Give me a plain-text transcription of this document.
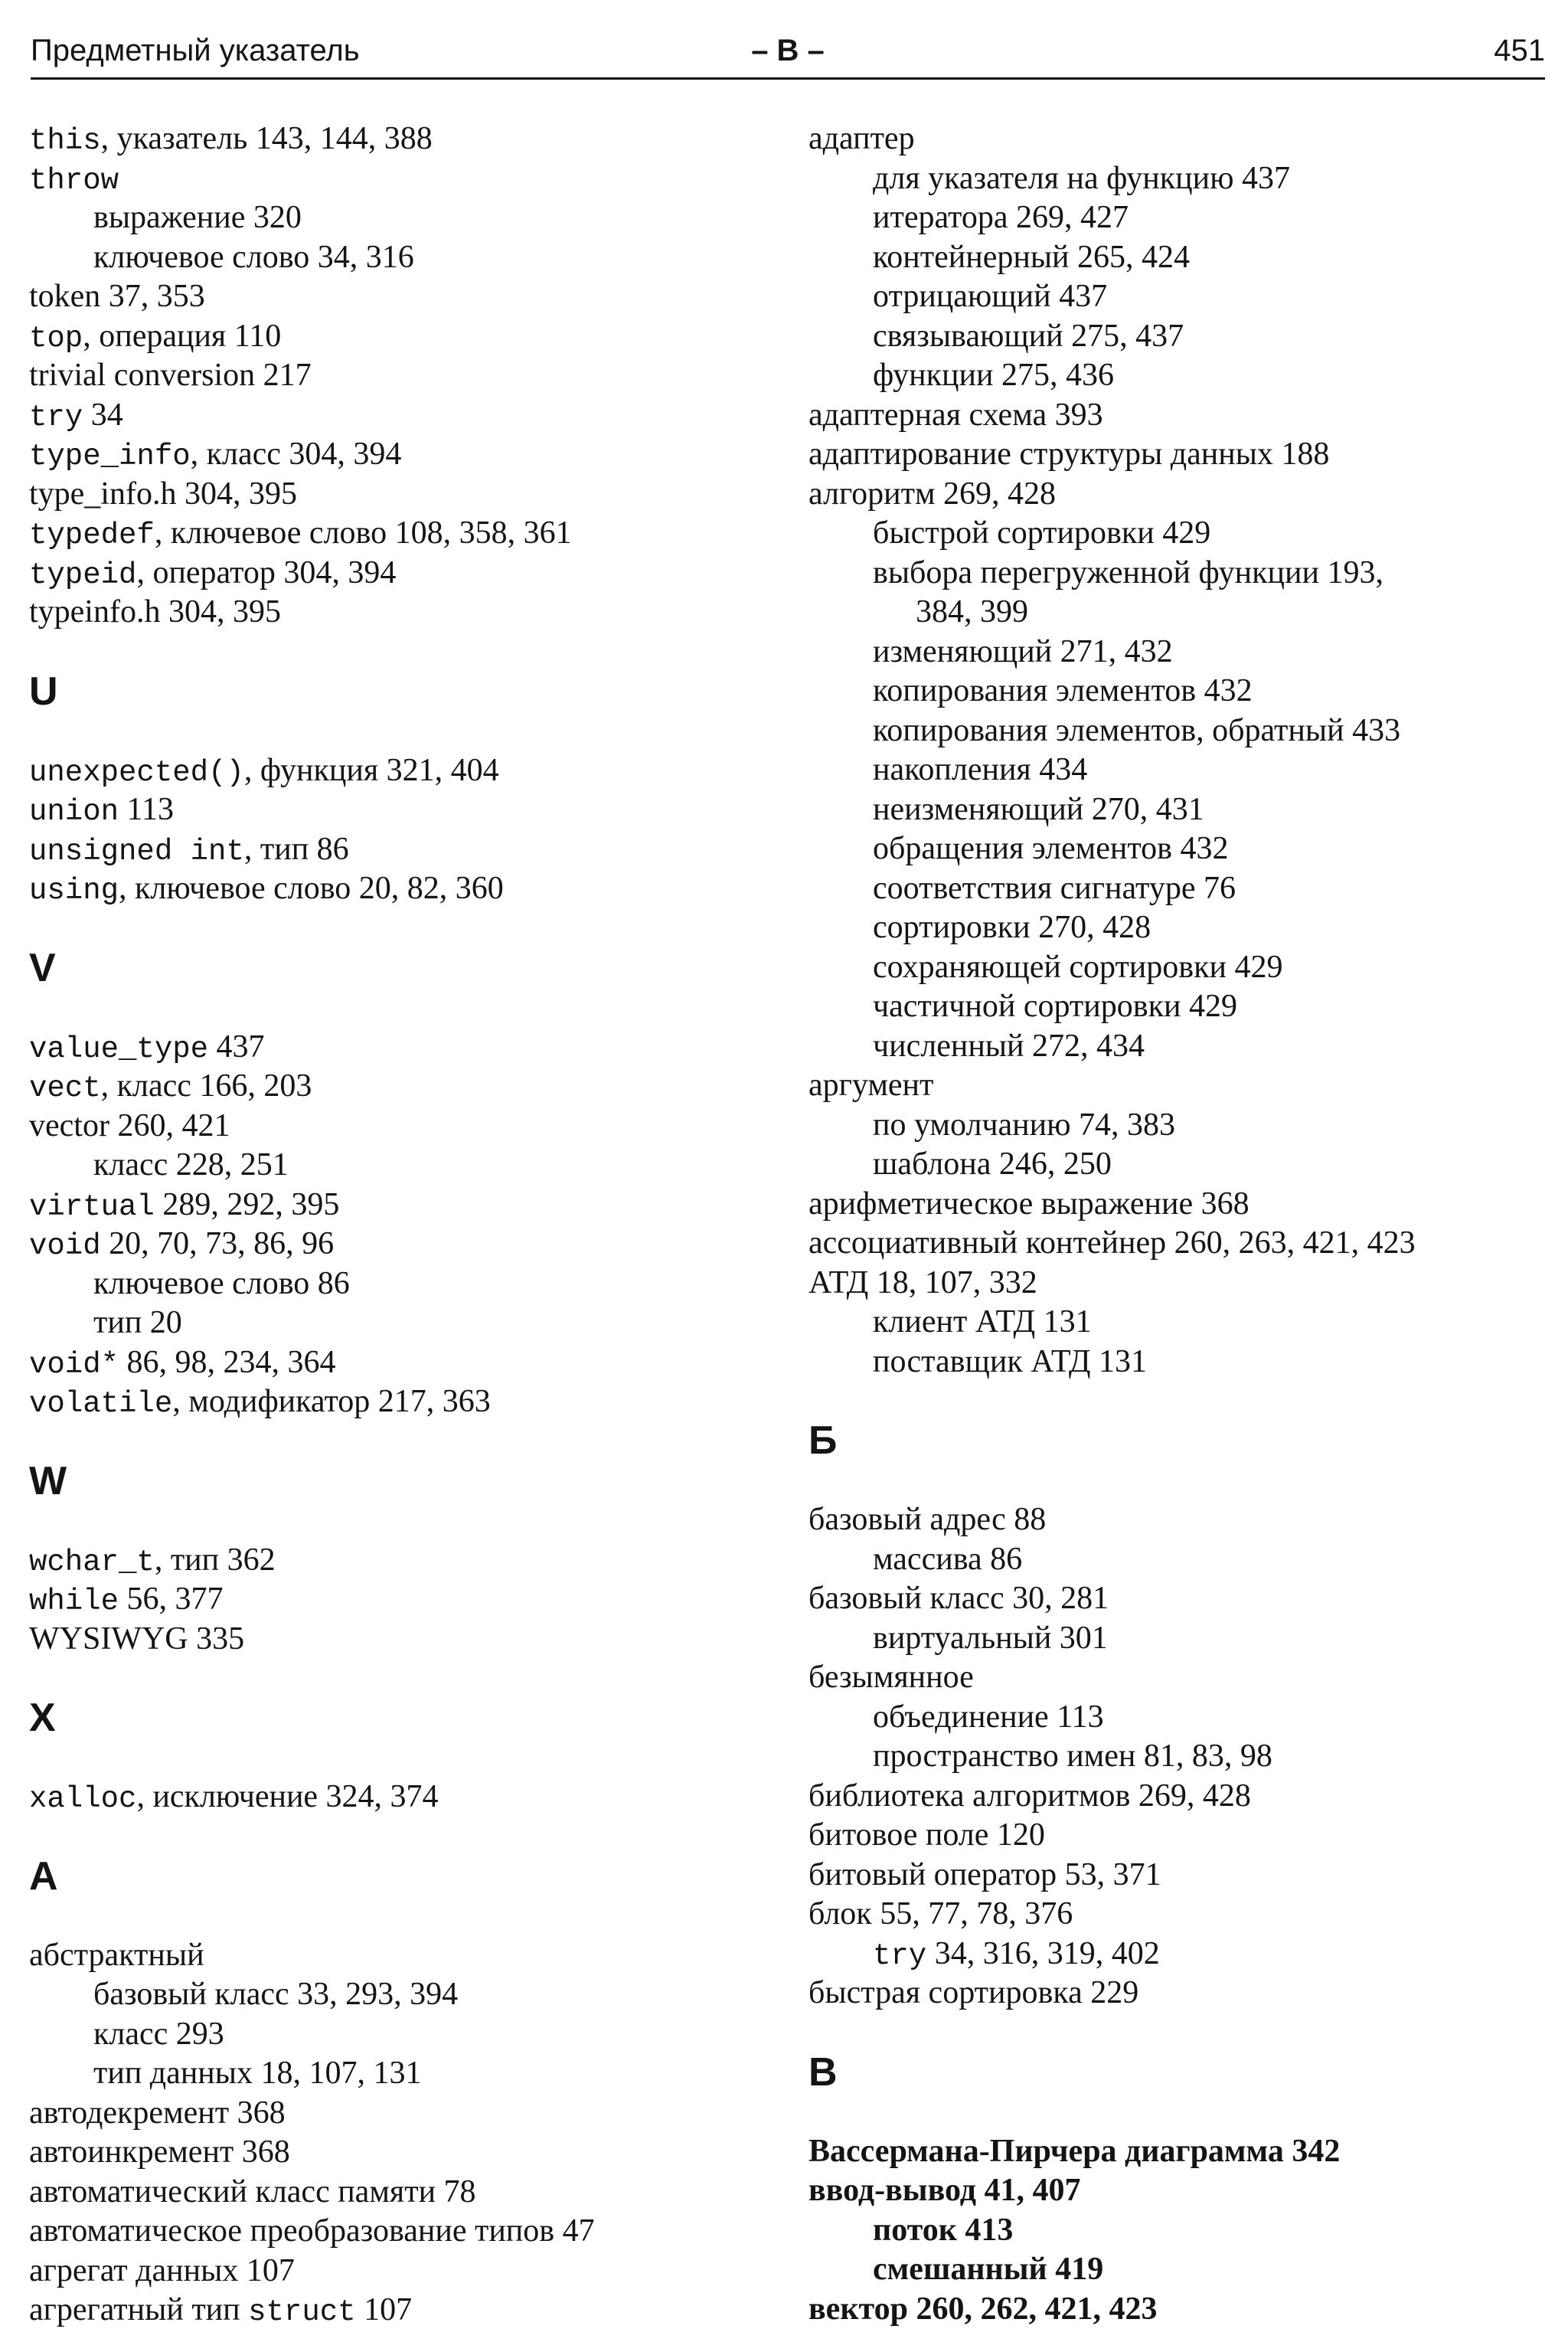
Предметный указатель	– В –	451
this, указатель 143, 144, 388
throw
выражение 320
ключевое слово 34, 316
token 37, 353
top, операция 110
trivial conversion 217
try 34
type_info, класс 304, 394
type_info.h 304, 395
typedef, ключевое слово 108, 358, 361
typeid, оператор 304, 394
typeinfo.h 304, 395
U
unexpected(), функция 321, 404
union 113
unsigned int, тип 86
using, ключевое слово 20, 82, 360
V
value_type 437
vect, класс 166, 203
vector 260, 421
класс 228, 251
virtual 289, 292, 395
void 20, 70, 73, 86, 96
ключевое слово 86
тип 20
void* 86, 98, 234, 364
volatile, модификатор 217, 363
W
wchar_t, тип 362
while 56, 377
WYSIWYG 335
X
xalloc, исключение 324, 374
А
абстрактный
базовый класс 33, 293, 394
класс 293
тип данных 18, 107, 131
автодекремент 368
автоинкремент 368
автоматический класс памяти 78
автоматическое преобразование типов 47
агрегат данных 107
агрегатный тип struct 107
адаптер
для указателя на функцию 437
итератора 269, 427
контейнерный 265, 424
отрицающий 437
связывающий 275, 437
функции 275, 436
адаптерная схема 393
адаптирование структуры данных 188
алгоритм 269, 428
быстрой сортировки 429
выбора перегруженной функции 193,
384, 399
изменяющий 271, 432
копирования элементов 432
копирования элементов, обратный 433
накопления 434
неизменяющий 270, 431
обращения элементов 432
соответствия сигнатуре 76
сортировки 270, 428
сохраняющей сортировки 429
частичной сортировки 429
численный 272, 434
аргумент
по умолчанию 74, 383
шаблона 246, 250
арифметическое выражение 368
ассоциативный контейнер 260, 263, 421, 423
АТД 18, 107, 332
клиент АТД 131
поставщик АТД 131
Б
базовый адрес 88
массива 86
базовый класс 30, 281
виртуальный 301
безымянное
объединение 113
пространство имен 81, 83, 98
библиотека алгоритмов 269, 428
битовое поле 120
битовый оператор 53, 371
блок 55, 77, 78, 376
try 34, 316, 319, 402
быстрая сортировка 229
В
Вассермана-Пирчера диаграмма 342
ввод-вывод 41, 407
поток 413
смешанный 419
вектор 260, 262, 421, 423
